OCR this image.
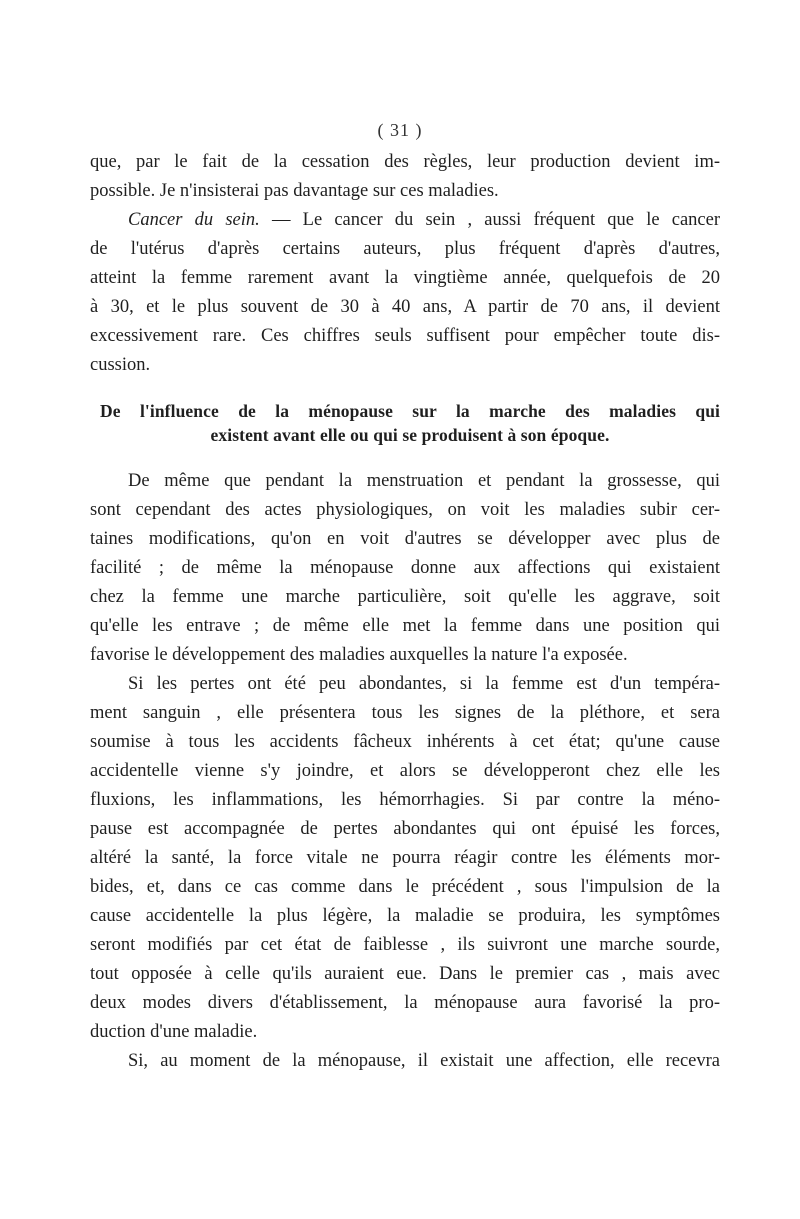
( 31 )

que, par le fait de la cessation des règles, leur production devient im-
possible. Je n'insisterai pas davantage sur ces maladies.

Cancer du sein. — Le cancer du sein , aussi fréquent que le cancer
de l'utérus d'après certains auteurs, plus fréquent d'après d'autres,
atteint la femme rarement avant la vingtième année, quelquefois de 20
à 30, et le plus souvent de 30 à 40 ans, A partir de 70 ans, il devient
excessivement rare. Ces chiffres seuls suffisent pour empêcher toute dis-
cussion.

De l'influence de la ménopause sur la marche des maladies qui
existent avant elle ou qui se produisent à son époque.

De même que pendant la menstruation et pendant la grossesse, qui
sont cependant des actes physiologiques, on voit les maladies subir cer-
taines modifications, qu'on en voit d'autres se développer avec plus de
facilité ; de même la ménopause donne aux affections qui existaient
chez la femme une marche particulière, soit qu'elle les aggrave, soit
qu'elle les entrave ; de même elle met la femme dans une position qui
favorise le développement des maladies auxquelles la nature l'a exposée.

Si les pertes ont été peu abondantes, si la femme est d'un tempéra-
ment sanguin , elle présentera tous les signes de la pléthore, et sera
soumise à tous les accidents fâcheux inhérents à cet état; qu'une cause
accidentelle vienne s'y joindre, et alors se développeront chez elle les
fluxions, les inflammations, les hémorrhagies. Si par contre la méno-
pause est accompagnée de pertes abondantes qui ont épuisé les forces,
altéré la santé, la force vitale ne pourra réagir contre les éléments mor-
bides, et, dans ce cas comme dans le précédent , sous l'impulsion de la
cause accidentelle la plus légère, la maladie se produira, les symptômes
seront modifiés par cet état de faiblesse , ils suivront une marche sourde,
tout opposée à celle qu'ils auraient eue. Dans le premier cas , mais avec
deux modes divers d'établissement, la ménopause aura favorisé la pro-
duction d'une maladie.

Si, au moment de la ménopause, il existait une affection, elle recevra
